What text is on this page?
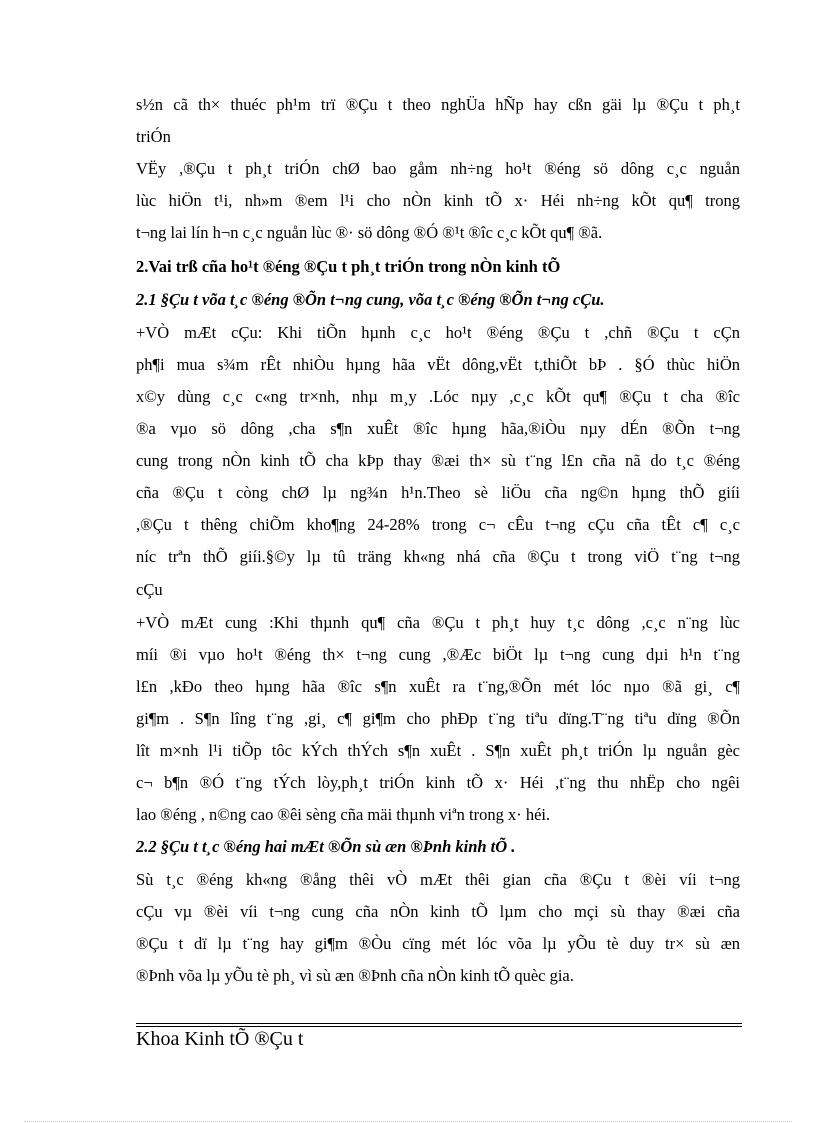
s½n cã th× thuéc ph¹m trï ®Çu t theo nghÜa hÑp hay cßn gäi lµ ®Çu t ph¸t
triÓn
VËy ,®Çu t ph¸t triÓn chØ bao gåm nh÷ng ho¹t ®éng sö dông c¸c nguån
lùc hiÖn t¹i, nh»m ®em l¹i cho nÒn kinh tÕ x· Héi nh÷ng kÕt qu¶ trong
t¬ng lai lín h¬n c¸c nguån lùc ®· sö dông ®Ó ®¹t ®îc c¸c kÕt qu¶ ®ã.
2.Vai trß cña ho¹t ®éng ®Çu t ph¸t triÓn trong nÒn kinh tÕ
2.1 §Çu t võa t¸c ®éng ®Õn t¬ng cung, võa t¸c ®éng ®Õn t¬ng cÇu.
+VÒ mÆt cÇu: Khi tiÕn hµnh c¸c ho¹t ®éng ®Çu t ,chñ ®Çu t cÇn
ph¶i mua s¾m rÊt nhiÒu hµng hãa vËt dông,vËt t,thiÕt bÞ . §Ó thùc hiÖn
x©y dùng c¸c c«ng tr×nh, nhµ m¸y .Lóc nµy ,c¸c kÕt qu¶ ®Çu t cha ®îc
®a vµo sö dông ,cha s¶n xuÊt ®îc hµng hãa,®iÒu nµy dÉn ®Õn t¬ng
cung trong nÒn kinh tÕ cha kÞp thay ®æi th× sù t¨ng l£n cña nã do t¸c ®éng
cña ®Çu t còng chØ lµ ng¾n h¹n.Theo sè liÖu cña ng©n hµng thÕ giíi
,®Çu t thêng chiÕm kho¶ng 24-28% trong c¬ cÊu t¬ng cÇu cña tÊt c¶ c¸c
níc trªn thÕ giíi.§©y lµ tû träng kh«ng nhá cña ®Çu t trong viÖ t¨ng t¬ng
cÇu
+VÒ mÆt cung :Khi thµnh qu¶ cña ®Çu t ph¸t huy t¸c dông ,c¸c n¨ng lùc
míi ®i vµo ho¹t ®éng th× t¬ng cung ,®Æc biÖt lµ t¬ng cung dµi h¹n t¨ng
l£n ,kÐo theo hµng hãa ®îc s¶n xuÊt ra t¨ng,®Õn mét lóc nµo ®ã gi¸ c¶
gi¶m . S¶n lîng t¨ng ,gi¸ c¶ gi¶m cho phÐp t¨ng tiªu dïng.T¨ng tiªu dïng ®Õn
lît m×nh l¹i tiÕp tôc kÝch thÝch s¶n xuÊt . S¶n xuÊt ph¸t triÓn lµ nguån gèc
c¬ b¶n ®Ó t¨ng tÝch lòy,ph¸t triÓn kinh tÕ x· Héi ,t¨ng thu nhËp cho ngêi
lao ®éng , n©ng cao ®êi sèng cña mäi thµnh viªn trong x· héi.
2.2 §Çu t t¸c ®éng hai mÆt ®Õn sù æn ®Þnh kinh tÕ .
Sù t¸c ®éng kh«ng ®ång thêi vÒ mÆt thêi gian cña ®Çu t ®èi víi t¬ng
cÇu vµ ®èi víi t¬ng cung cña nÒn kinh tÕ lµm cho mçi sù thay ®æi cña
®Çu t dï lµ t¨ng hay gi¶m ®Òu cïng mét lóc võa lµ yÕu tè duy tr× sù æn
®Þnh võa lµ yÕu tè ph¸ vì sù æn ®Þnh cña nÒn kinh tÕ quèc gia.
Khoa Kinh tÕ ®Çu t
